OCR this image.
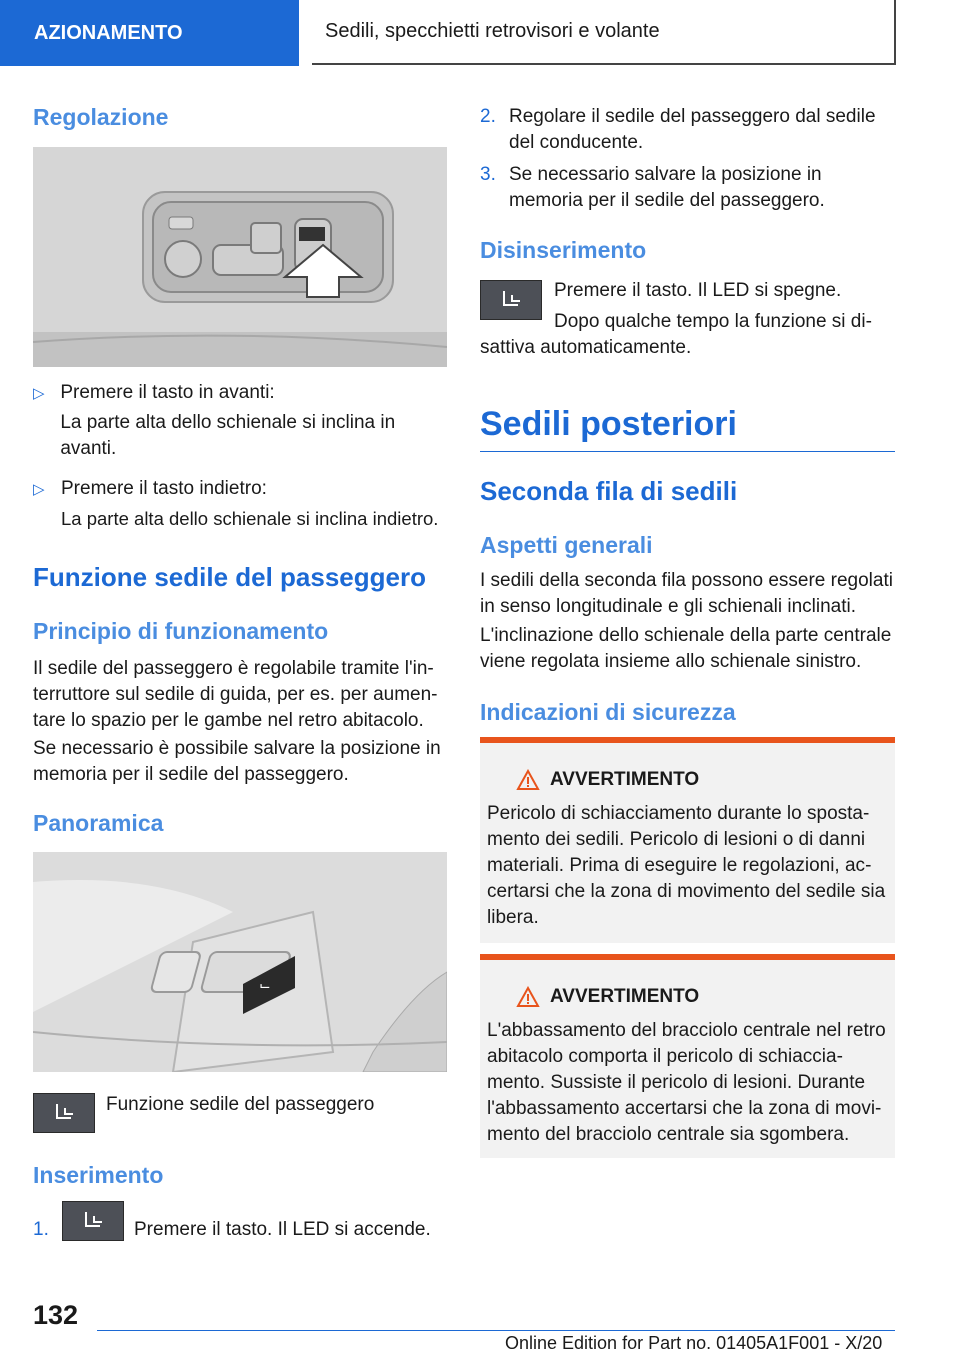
AZIONAMENTO	Sedili, specchietti retrovisori e volante
Regolazione
▷ Premere il tasto in avanti:
La parte alta dello schienale si inclina in avanti.
▷ Premere il tasto indietro:
La parte alta dello schienale si inclina indietro.
Funzione sedile del passeggero
Principio di funzionamento
Il sedile del passeggero è regolabile tramite l'interruttore sul sedile di guida, per es. per aumentare lo spazio per le gambe nel retro abitacolo.
Se necessario è possibile salvare la posizione in memoria per il sedile del passeggero.
Panoramica
⌙
Funzione sedile del passeggero
Inserimento
1.	Premere il tasto. Il LED si accende.
2. Regolare il sedile del passeggero dal sedile del conducente.
3. Se necessario salvare la posizione in memoria per il sedile del passeggero.
Disinserimento
Premere il tasto. Il LED si spegne.
Dopo qualche tempo la funzione si disattiva automaticamente.
Sedili posteriori
Seconda fila di sedili
Aspetti generali
I sedili della seconda fila possono essere regolati in senso longitudinale e gli schienali inclinati.
L'inclinazione dello schienale della parte centrale viene regolata insieme allo schienale sinistro.
Indicazioni di sicurezza
AVVERTIMENTO
Pericolo di schiacciamento durante lo spostamento dei sedili. Pericolo di lesioni o di danni materiali. Prima di eseguire le regolazioni, accertarsi che la zona di movimento del sedile sia libera.
AVVERTIMENTO
L'abbassamento del bracciolo centrale nel retro abitacolo comporta il pericolo di schiacciamento. Sussiste il pericolo di lesioni. Durante l'abbassamento accertarsi che la zona di movimento del bracciolo centrale sia sgombera.
132
Online Edition for Part no. 01405A1F001 - X/20
